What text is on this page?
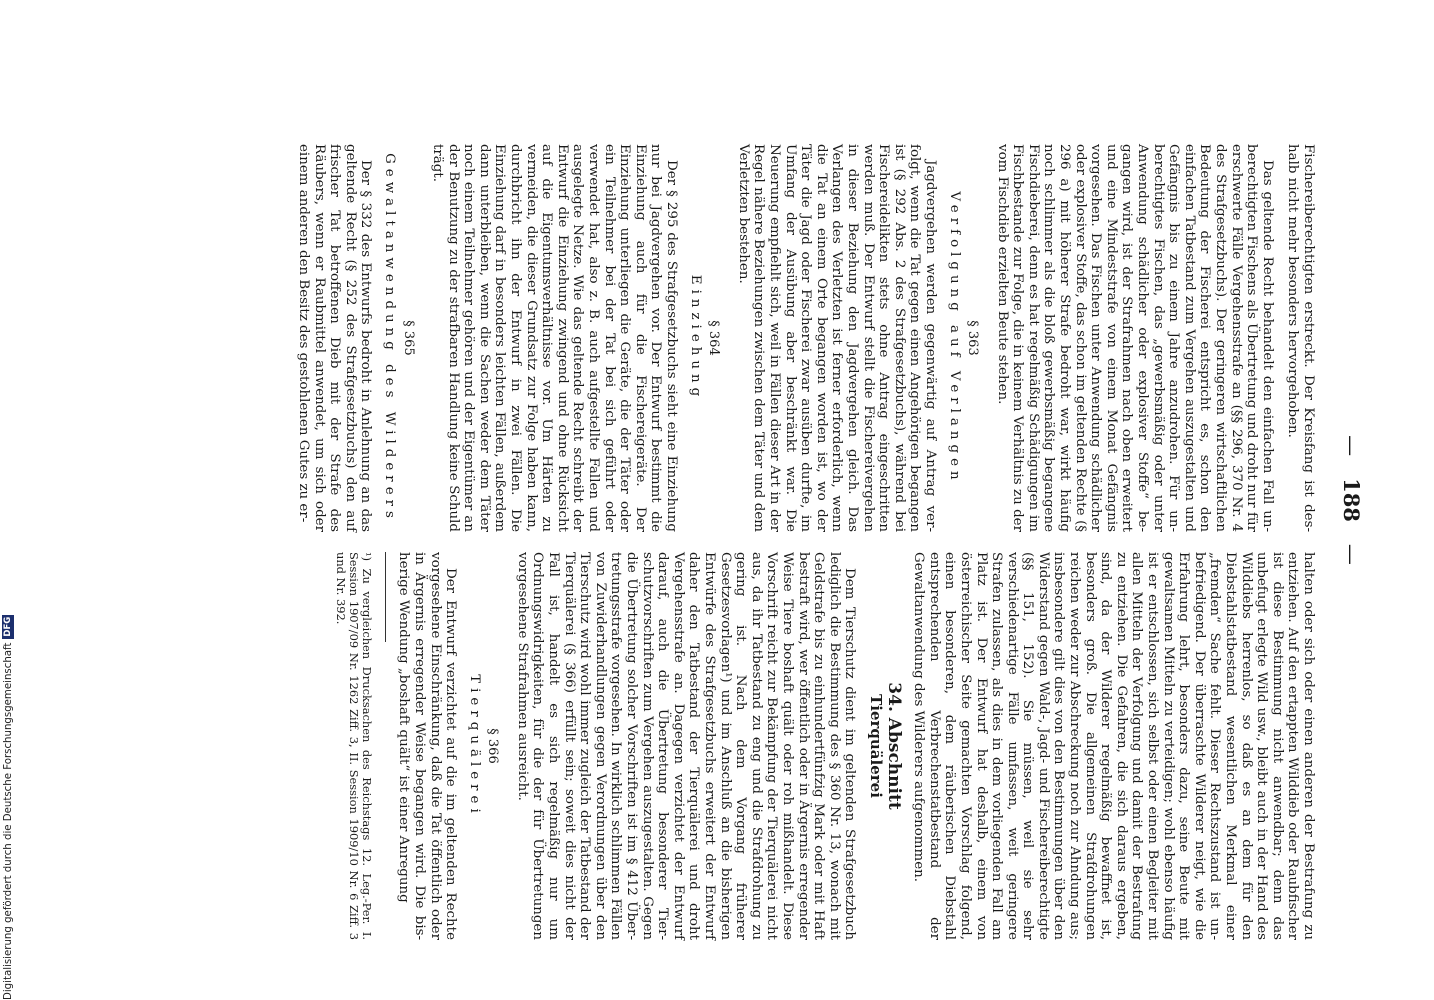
—188—

Fischereiberechtigten erstreckt. Der Kreisfang ist deshalb nicht mehr besonders hervorgehoben.

Das geltende Recht behandelt den einfachen Fall unberechtigten Fischens als Übertretung und droht nur für erschwerte Fälle Vergehensstrafe an (§§ 296, 370 Nr. 4 des Strafgesetzbuchs). Der geringeren wirtschaftlichen Bedeutung der Fischerei entspricht es, schon den einfachen Tatbestand zum Vergehen auszugestalten und Gefängnis bis zu einem Jahre anzudrohen. Für unberechtigtes Fischen, das „gewerbsmäßig oder unter Anwendung schädlicher oder explosiver Stoffe“ begangen wird, ist der Strafrahmen nach oben erweitert und eine Mindeststrafe von einem Monat Gefängnis vorgesehen. Das Fischen unter Anwendung schädlicher oder explosiver Stoffe, das schon im geltenden Rechte (§ 296 a) mit höherer Strafe bedroht war, wirkt häufig noch schlimmer als die bloß gewerbsmäßig begangene Fischdieberei, denn es hat regelmäßig Schädigungen im Fischbestande zur Folge, die in keinem Verhältnis zu der vom Fischdieb erzielten Beute stehen.

§ 363
Verfolgung auf Verlangen

Jagdvergehen werden gegenwärtig auf Antrag verfolgt, wenn die Tat gegen einen Angehörigen begangen ist (§ 292 Abs. 2 des Strafgesetzbuchs), während bei Fischereidelikten stets ohne Antrag eingeschritten werden muß. Der Entwurf stellt die Fischereivergehen in dieser Beziehung den Jagdvergehen gleich. Das Verlangen des Verletzten ist ferner erforderlich, wenn die Tat an einem Orte begangen worden ist, wo der Täter die Jagd oder Fischerei zwar ausüben durfte, im Umfang der Ausübung aber beschränkt war. Die Neuerung empfiehlt sich, weil in Fällen dieser Art in der Regel nähere Beziehungen zwischen dem Täter und dem Verletzten bestehen.

§ 364
Einziehung

Der § 295 des Strafgesetzbuchs sieht eine Einziehung nur bei Jagdvergehen vor. Der Entwurf bestimmt die Einziehung auch für die Fischereigeräte. Der Einziehung unterliegen die Geräte, die der Täter oder ein Teilnehmer bei der Tat bei sich geführt oder verwendet hat, also z. B. auch aufgestellte Fallen und ausgelegte Netze. Wie das geltende Recht schreibt der Entwurf die Einziehung zwingend und ohne Rücksicht auf die Eigentumsverhältnisse vor. Um Härten zu vermeiden, die dieser Grundsatz zur Folge haben kann, durchbricht ihn der Entwurf in zwei Fällen. Die Einziehung darf in besonders leichten Fällen, außerdem dann unterbleiben, wenn die Sachen weder dem Täter noch einem Teilnehmer gehören und der Eigentümer an der Benutzung zu der strafbaren Handlung keine Schuld trägt.

§ 365
Gewaltanwendung des Wilderers

Der § 332 des Entwurfs bedroht in Anlehnung an das geltende Recht (§ 252 des Strafgesetzbuchs) den auf frischer Tat betroffenen Dieb mit der Strafe des Räubers, wenn er Raubmittel anwendet, um sich oder einem anderen den Besitz des gestohlenen Gutes zu er-

halten oder sich oder einen anderen der Bestrafung zu entziehen. Auf den ertappten Wilddieb oder Raubfischer ist diese Bestimmung nicht anwendbar; denn das unbefugt erlegte Wild usw., bleibt auch in der Hand des Wilddiebs herrenlos, so daß es an dem für den Diebstahlstatbestand wesentlichen Merkmal einer „fremden“ Sache fehlt. Dieser Rechtszustand ist unbefriedigend. Der überraschte Wilderer neigt, wie die Erfahrung lehrt, besonders dazu, seine Beute mit gewaltsamen Mitteln zu verteidigen; wohl ebenso häufig ist er entschlossen, sich selbst oder einen Begleiter mit allen Mitteln der Verfolgung und damit der Bestrafung zu entziehen. Die Gefahren, die sich daraus ergeben, sind, da der Wilderer regelmäßig bewaffnet ist, besonders groß. Die allgemeinen Strafdrohungen reichen weder zur Abschreckung noch zur Ahndung aus; insbesondere gilt dies von den Bestimmungen über den Widerstand gegen Wald-, Jagd- und Fischereiberechtigte (§§ 151, 152). Sie müssen, weil sie sehr verschiedenartige Fälle umfassen, weit geringere Strafen zulassen, als dies in dem vorliegenden Fall am Platz ist. Der Entwurf hat deshalb, einem von österreichischer Seite gemachten Vorschlag folgend, einen besonderen, dem räuberischen Diebstahl entsprechenden Verbrechenstatbestand der Gewaltanwendung des Wilderers aufgenommen.

34. Abschnitt
Tierquälerei

Dem Tierschutz dient im geltenden Strafgesetzbuch lediglich die Bestimmung des § 360 Nr. 13, wonach mit Geldstrafe bis zu einhundertfünfzig Mark oder mit Haft bestraft wird, wer öffentlich oder in Ärgernis erregender Weise Tiere boshaft quält oder roh mißhandelt. Diese Vorschrift reicht zur Bekämpfung der Tierquälerei nicht aus, da ihr Tatbestand zu eng und die Strafdrohung zu gering ist. Nach dem Vorgang früherer Gesetzesvorlagen¹) und im Anschluß an die bisherigen Entwürfe des Strafgesetzbuchs erweitert der Entwurf daher den Tatbestand der Tierquälerei und droht Vergehensstrafe an. Dagegen verzichtet der Entwurf darauf, auch die Übertretung besonderer Tierschutzvorschriften zum Vergehen auszugestalten. Gegen die Übertretung solcher Vorschriften ist im § 412 Übertretungsstrafe vorgesehen. In wirklich schlimmen Fällen von Zuwiderhandlungen gegen Verordnungen über den Tierschutz wird wohl immer zugleich der Tatbestand der Tierquälerei (§ 366) erfüllt sein; soweit dies nicht der Fall ist, handelt es sich regelmäßig nur um Ordnungswidrigkeiten, für die der für Übertretungen vorgesehene Strafrahmen ausreicht.

§ 366
Tierquälerei

Der Entwurf verzichtet auf die im geltenden Rechte vorgesehene Einschränkung, daß die Tat öffentlich oder in Ärgernis erregender Weise begangen wird. Die bisherige Wendung „boshaft quält“ ist einer Anregung

¹) Zu vergleichen Drucksachen des Reichstags 12. Leg.-Per. I. Session 1907/09 Nr. 1262 Ziff. 3, II. Session 1909/10 Nr. 6 Ziff. 3 und Nr. 392.

Digitalisierung gefördert durch die Deutsche Forschungsgemeinschaft
DFG
